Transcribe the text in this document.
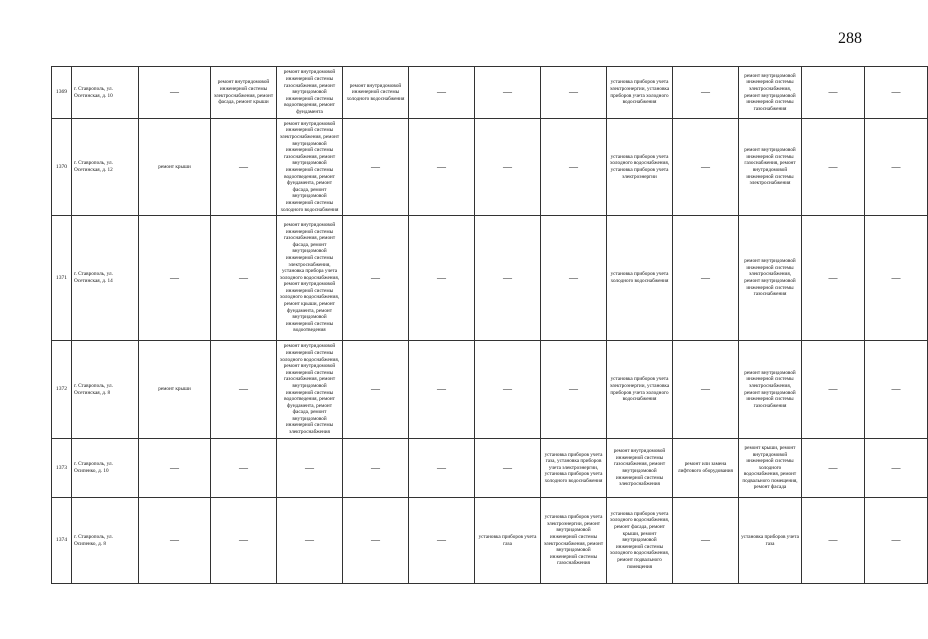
288
1369	г. Ставрополь, ул. Осетинская, д. 10	—	ремонт внутридомовой инженерной системы электроснабжения, ремонт фасада, ремонт крыши	ремонт внутридомовой инженерной системы газоснабжения, ремонт внутридомовой инженерной системы водоотведения, ремонт фундамента	ремонт внутридомовой инженерной системы холодного водоснабжения	—	—	—	установка приборов учета электроэнергии, установка приборов учета холодного водоснабжения	—	ремонт внутридомовой инженерной системы электроснабжения, ремонт внутридомовой инженерной системы газоснабжения	—	—
1370	г. Ставрополь, ул. Осетинская, д. 12	ремонт крыши	—	ремонт внутридомовой инженерной системы электроснабжения, ремонт внутридомовой инженерной системы газоснабжения, ремонт внутридомовой инженерной системы водоотведения, ремонт фундамента, ремонт фасада, ремонт внутридомовой инженерной системы холодного водоснабжения	—	—	—	—	установка приборов учета холодного водоснабжения, установка приборов учета электроэнергии	—	ремонт внутридомовой инженерной системы газоснабжения, ремонт внутридомовой инженерной системы электроснабжения	—	—
1371	г. Ставрополь, ул. Осетинская, д. 14	—	—	ремонт внутридомовой инженерной системы газоснабжения, ремонт фасада, ремонт внутридомовой инженерной системы электроснабжения, установка прибора учета холодного водоснабжения, ремонт внутридомовой инженерной системы холодного водоснабжения, ремонт крыши, ремонт фундамента, ремонт внутридомовой инженерной системы водоотведения	—	—	—	—	установка приборов учета холодного водоснабжения	—	ремонт внутридомовой инженерной системы электроснабжения, ремонт внутридомовой инженерной системы газоснабжения	—	—
1372	г. Ставрополь, ул. Осетинская, д. 8	ремонт крыши	—	ремонт внутридомовой инженерной системы холодного водоснабжения, ремонт внутридомовой инженерной системы газоснабжения, ремонт внутридомовой инженерной системы водоотведения, ремонт фундамента, ремонт фасада, ремонт внутридомовой инженерной системы электроснабжения	—	—	—	—	установка приборов учета электроэнергии, установка приборов учета холодного водоснабжения	—	ремонт внутридомовой инженерной системы электроснабжения, ремонт внутридомовой инженерной системы газоснабжения	—	—
1373	г. Ставрополь, ул. Осипенко, д. 10	—	—	—	—	—	—	установка приборов учета газа, установка приборов учета электроэнергии, установка приборов учета холодного водоснабжения	ремонт внутридомовой инженерной системы газоснабжения, ремонт внутридомовой инженерной системы электроснабжения	ремонт или замена лифтового оборудования	ремонт крыши, ремонт внутридомовой инженерной системы холодного водоснабжения, ремонт подвального помещения, ремонт фасада	—	—
1374	г. Ставрополь, ул. Осипенко, д. 8	—	—	—	—	—	установка приборов учета газа	установка приборов учета электроэнергии, ремонт внутридомовой инженерной системы электроснабжения, ремонт внутридомовой инженерной системы газоснабжения	установка приборов учета холодного водоснабжения, ремонт фасада, ремонт крыши, ремонт внутридомовой инженерной системы холодного водоснабжения, ремонт подвального помещения	—	установка приборов учета газа	—	—
